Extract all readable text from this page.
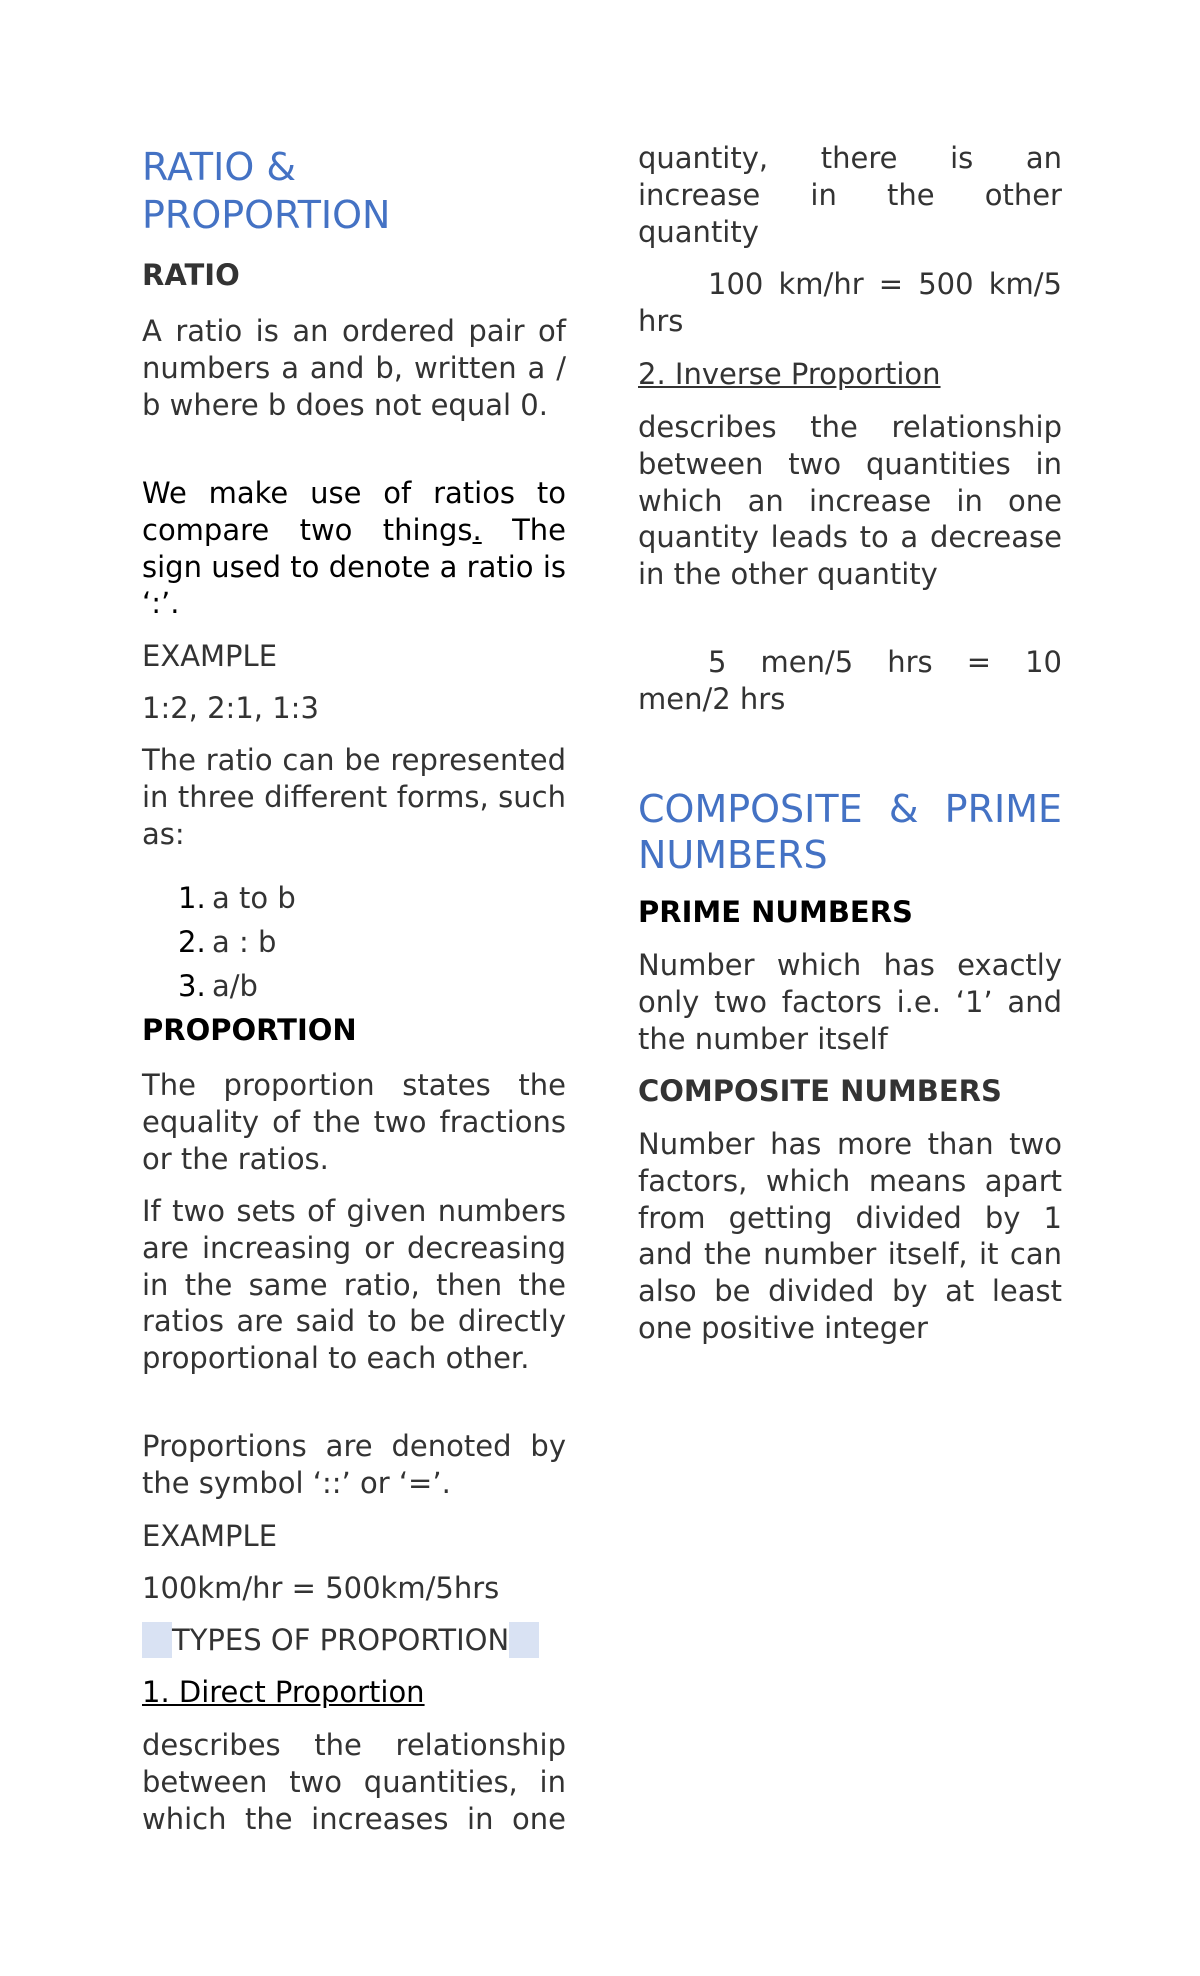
RATIO &
PROPORTION
RATIO
A ratio is an ordered pair of numbers a and b, written a / b where b does not equal 0.
We make use of ratios to compare two things. The sign used to denote a ratio is ‘:’.
EXAMPLE
1:2, 2:1, 1:3
The ratio can be represented in three different forms, such as:
1. a to b
2. a : b
3. a/b
PROPORTION
The proportion states the equality of the two fractions or the ratios.
If two sets of given numbers are increasing or decreasing in the same ratio, then the ratios are said to be directly proportional to each other.
Proportions are denoted by the symbol ‘::’ or ‘=’.
EXAMPLE
100km/hr = 500km/5hrs
TYPES OF PROPORTION
1. Direct Proportion
describes the relationship between two quantities, in which the increases in one
quantity, there is an increase in the other quantity
100 km/hr = 500 km/5 hrs
2. Inverse Proportion
describes the relationship between two quantities in which an increase in one quantity leads to a decrease in the other quantity
5 men/5 hrs = 10 men/2 hrs
COMPOSITE & PRIME
NUMBERS
PRIME NUMBERS
Number which has exactly only two factors i.e. ‘1’ and the number itself
COMPOSITE NUMBERS
Number has more than two factors, which means apart from getting divided by 1 and the number itself, it can also be divided by at least one positive integer
